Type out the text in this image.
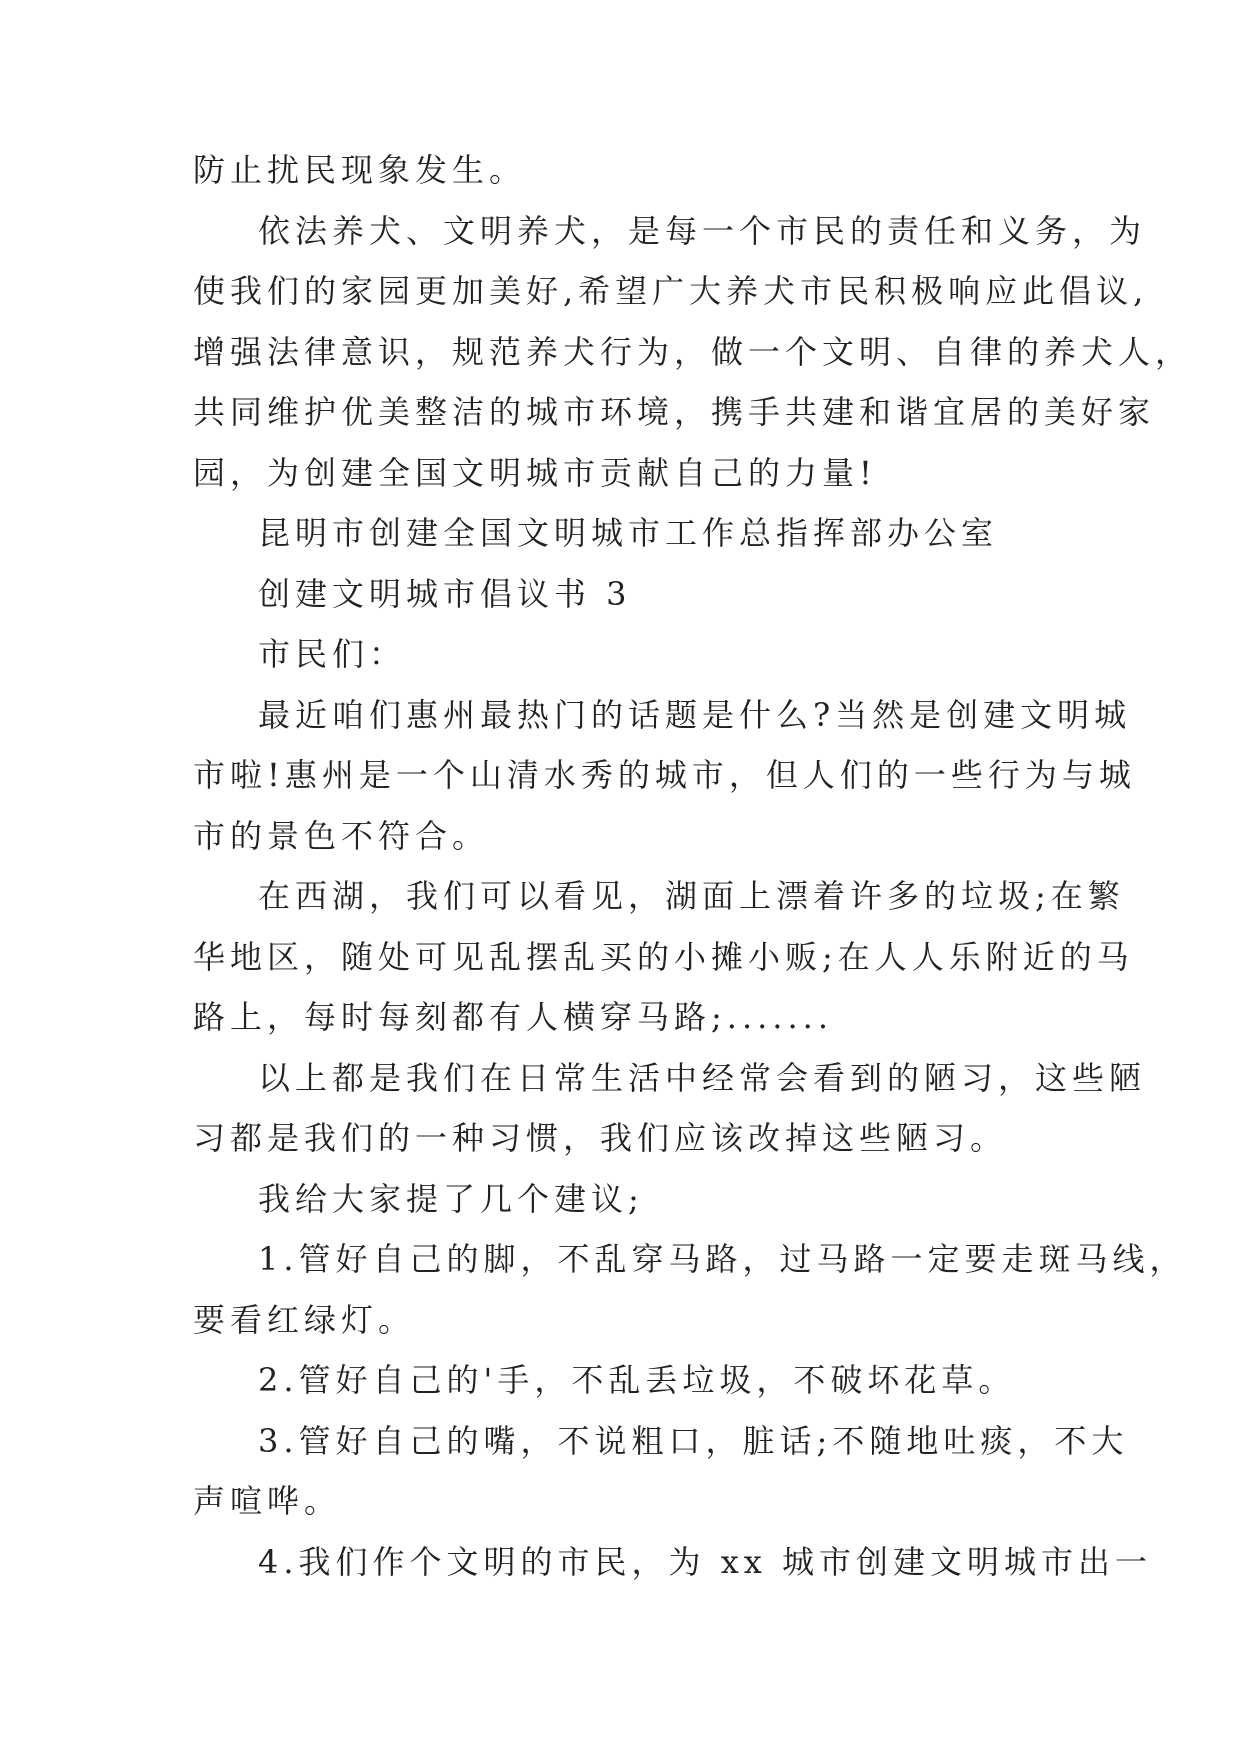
防止扰民现象发生。
依法养犬、文明养犬，是每一个市民的责任和义务，为
使我们的家园更加美好,希望广大养犬市民积极响应此倡议,
增强法律意识，规范养犬行为，做一个文明、自律的养犬人，
共同维护优美整洁的城市环境，携手共建和谐宜居的美好家
园，为创建全国文明城市贡献自己的力量!
昆明市创建全国文明城市工作总指挥部办公室
创建文明城市倡议书 3
市民们：
最近咱们惠州最热门的话题是什么?当然是创建文明城
市啦!惠州是一个山清水秀的城市，但人们的一些行为与城
市的景色不符合。
在西湖，我们可以看见，湖面上漂着许多的垃圾;在繁
华地区，随处可见乱摆乱买的小摊小贩;在人人乐附近的马
路上，每时每刻都有人横穿马路;.......
以上都是我们在日常生活中经常会看到的陋习，这些陋
习都是我们的一种习惯，我们应该改掉这些陋习。
我给大家提了几个建议;
1.管好自己的脚，不乱穿马路，过马路一定要走斑马线，
要看红绿灯。
2.管好自己的'手，不乱丢垃圾，不破坏花草。
3.管好自己的嘴，不说粗口，脏话;不随地吐痰，不大
声喧哗。
4.我们作个文明的市民，为 xx 城市创建文明城市出一
